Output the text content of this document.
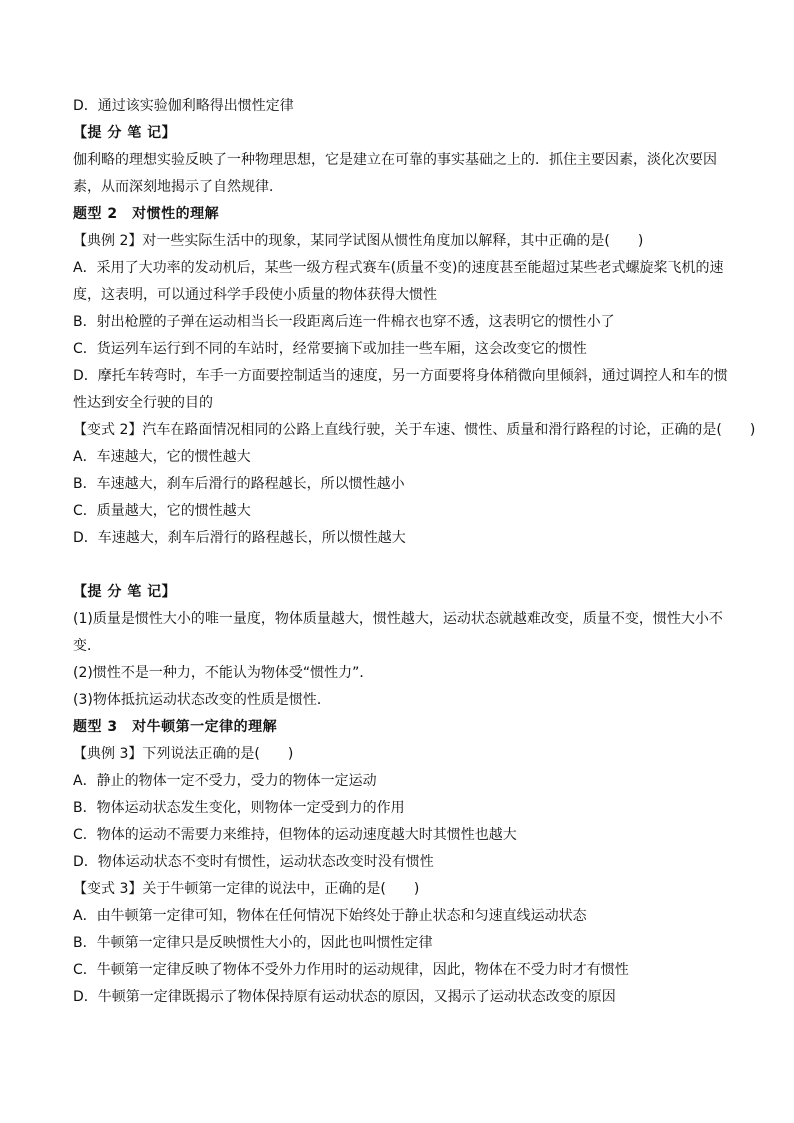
D．通过该实验伽利略得出惯性定律
【提 分 笔 记】
伽利略的理想实验反映了一种物理思想，它是建立在可靠的事实基础之上的．抓住主要因素，淡化次要因
素，从而深刻地揭示了自然规律．
题型 2　对惯性的理解
【典例 2】对一些实际生活中的现象，某同学试图从惯性角度加以解释，其中正确的是(　　)
A．采用了大功率的发动机后，某些一级方程式赛车(质量不变)的速度甚至能超过某些老式螺旋桨飞机的速
度，这表明，可以通过科学手段使小质量的物体获得大惯性
B．射出枪膛的子弹在运动相当长一段距离后连一件棉衣也穿不透，这表明它的惯性小了
C．货运列车运行到不同的车站时，经常要摘下或加挂一些车厢，这会改变它的惯性
D．摩托车转弯时，车手一方面要控制适当的速度，另一方面要将身体稍微向里倾斜，通过调控人和车的惯
性达到安全行驶的目的
【变式 2】汽车在路面情况相同的公路上直线行驶，关于车速、惯性、质量和滑行路程的讨论，正确的是(　　)
A．车速越大，它的惯性越大
B．车速越大，刹车后滑行的路程越长，所以惯性越小
C．质量越大，它的惯性越大
D．车速越大，刹车后滑行的路程越长，所以惯性越大
【提 分 笔 记】
(1)质量是惯性大小的唯一量度，物体质量越大，惯性越大，运动状态就越难改变，质量不变，惯性大小不
变．
(2)惯性不是一种力，不能认为物体受“惯性力”．
(3)物体抵抗运动状态改变的性质是惯性．
题型 3　对牛顿第一定律的理解
【典例 3】下列说法正确的是(　　)
A．静止的物体一定不受力，受力的物体一定运动
B．物体运动状态发生变化，则物体一定受到力的作用
C．物体的运动不需要力来维持，但物体的运动速度越大时其惯性也越大
D．物体运动状态不变时有惯性，运动状态改变时没有惯性
【变式 3】关于牛顿第一定律的说法中，正确的是(　　)
A．由牛顿第一定律可知，物体在任何情况下始终处于静止状态和匀速直线运动状态
B．牛顿第一定律只是反映惯性大小的，因此也叫惯性定律
C．牛顿第一定律反映了物体不受外力作用时的运动规律，因此，物体在不受力时才有惯性
D．牛顿第一定律既揭示了物体保持原有运动状态的原因，又揭示了运动状态改变的原因
